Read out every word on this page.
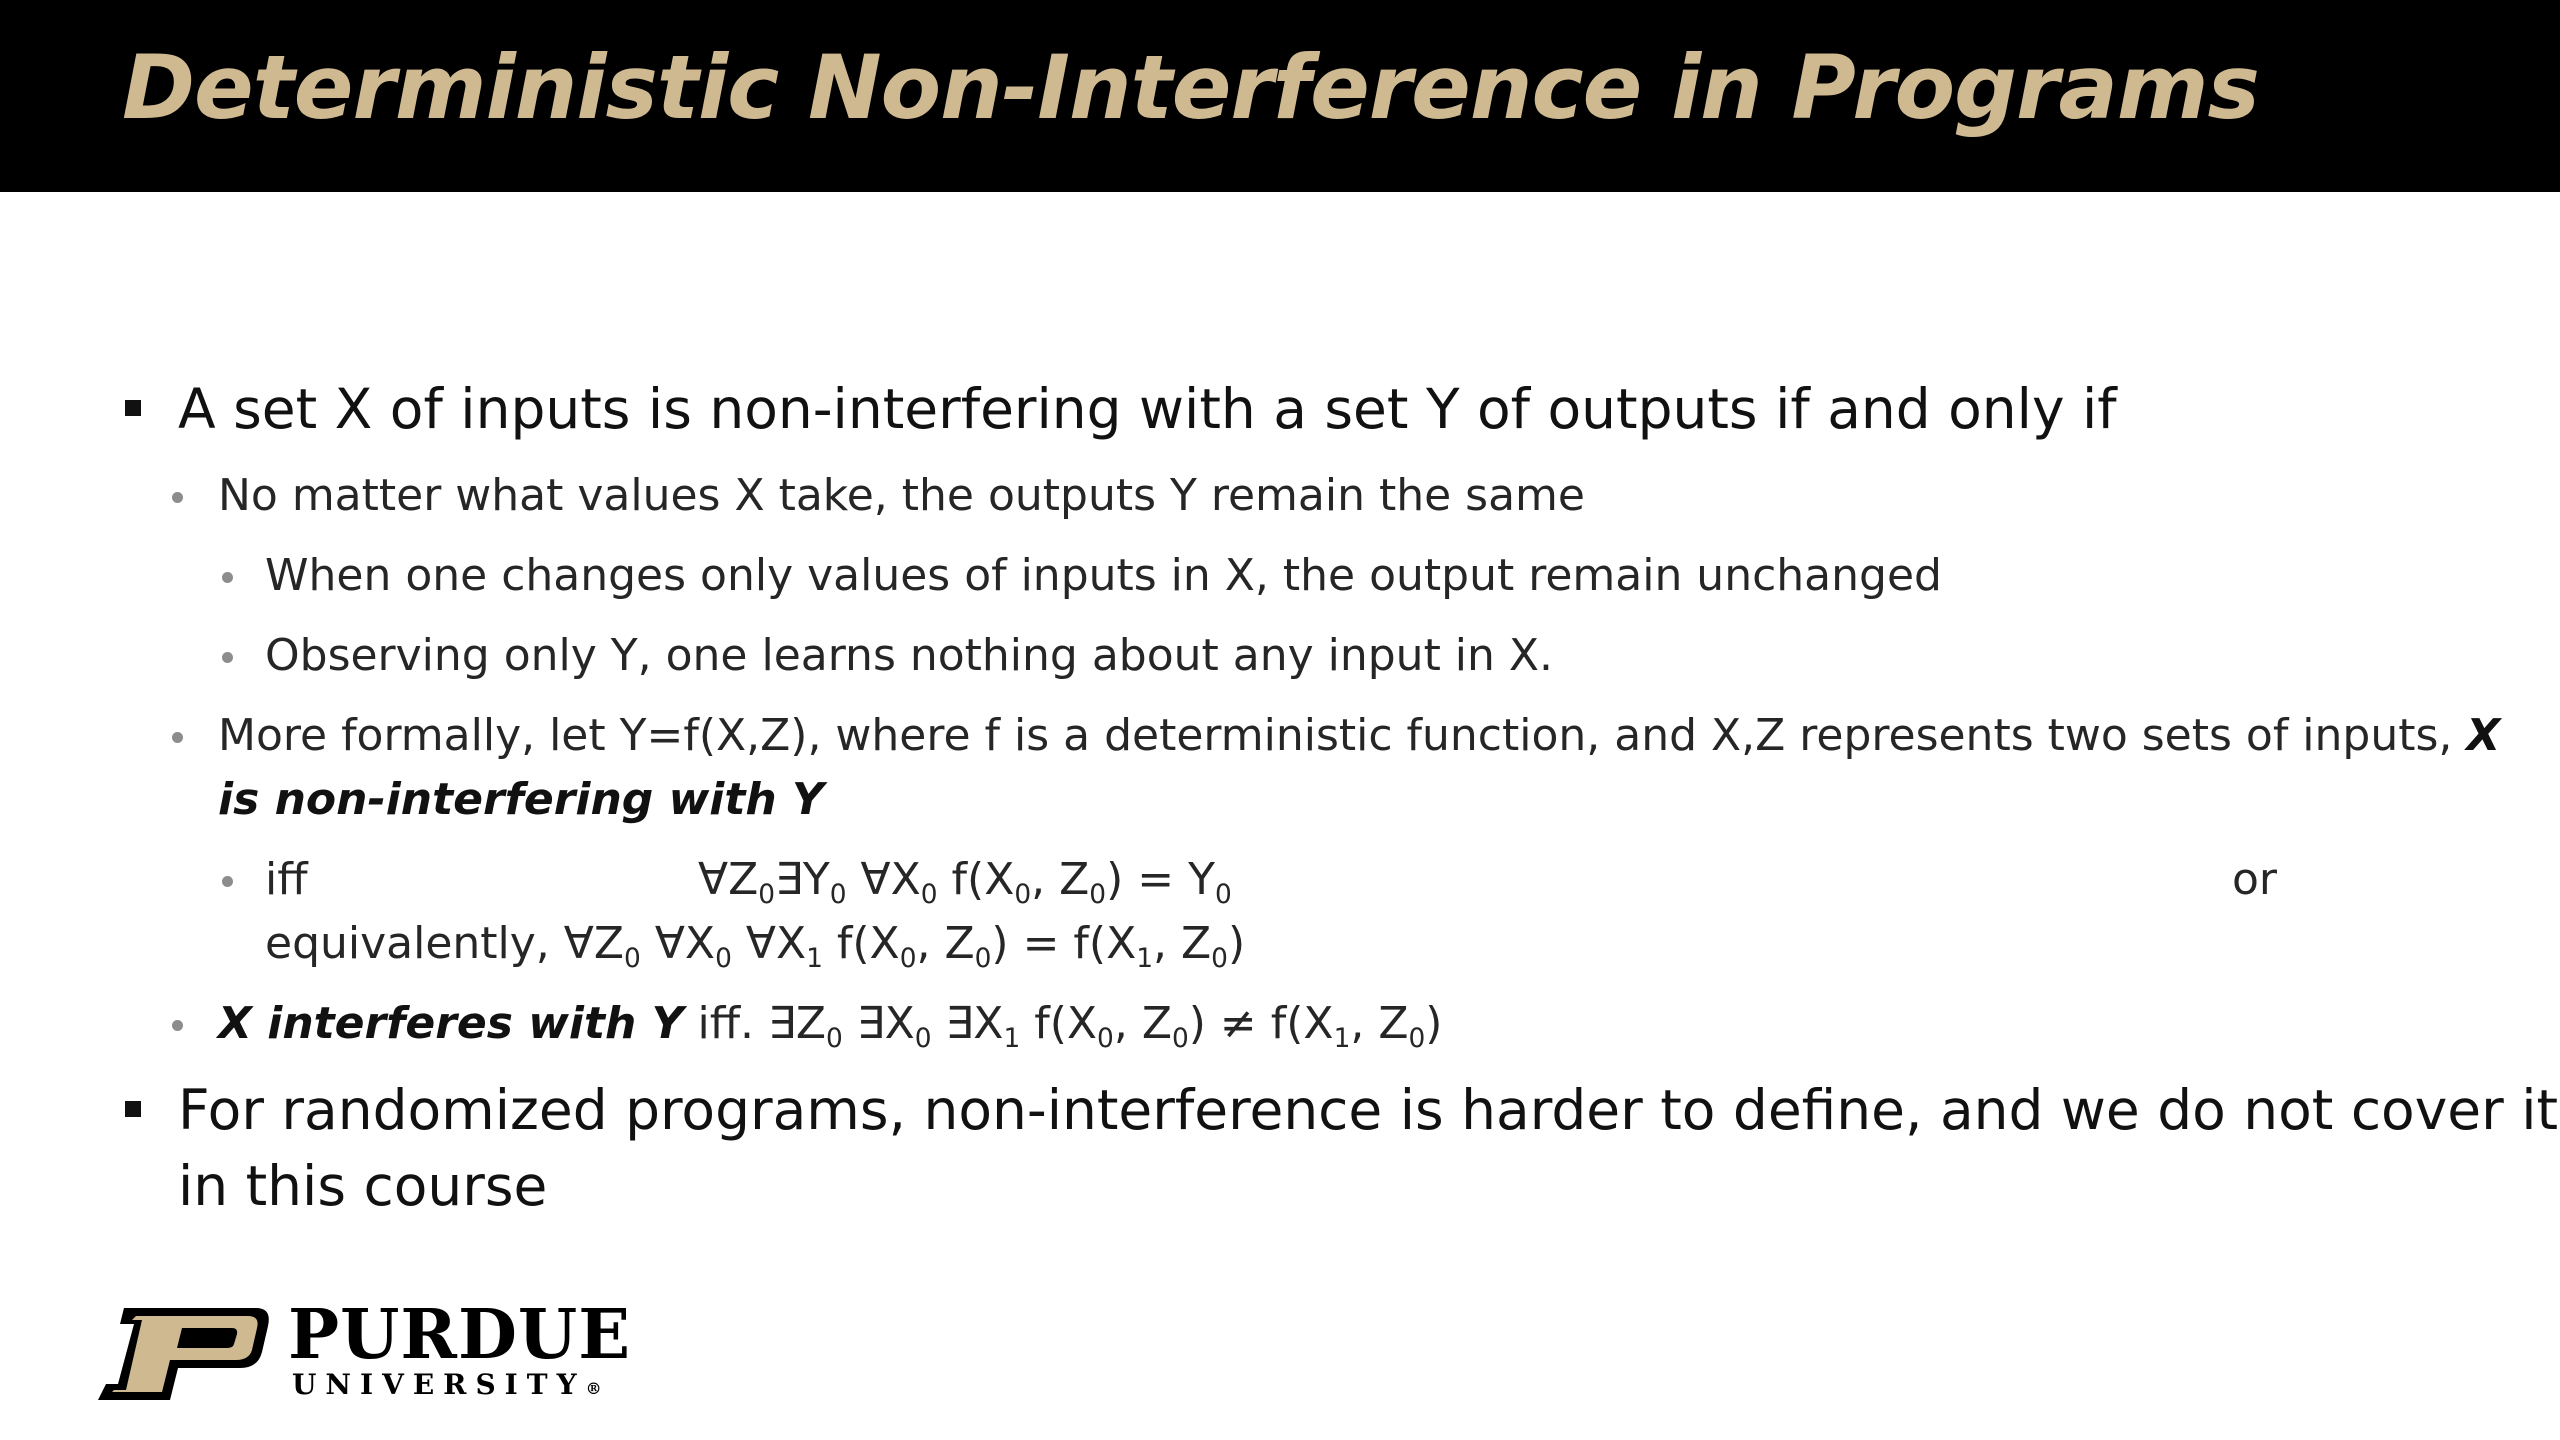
Deterministic Non-Interference in Programs
A set X of inputs is non-interfering with a set Y of outputs if and only if
No matter what values X take, the outputs Y remain the same
When one changes only values of inputs in X, the output remain unchanged
Observing only Y, one learns nothing about any input in X.
More formally, let Y=f(X,Z), where f is a deterministic function, and X,Z represents two sets of inputs, X
is non-interfering with Y
iff	$\forall Z_0\exists Y_0$ $\forall X_0$ $f(X_0$, $Z_0) = Y_0$	or
equivalently, $\forall Z_0$ $\forall X_0$ $\forall X_1$ $f(X_0$, $Z_0) = f(X_1$, $Z_0$)
X interferes with Y iff. $\exists Z_0$ $\exists X_0$ $\exists X_1$ $f(X_0$, $Z_0) \ne f(X_1$, $Z_0$)
For randomized programs, non-interference is harder to define, and we do not cover it
in this course
PURDUE
UNIVERSITY®
